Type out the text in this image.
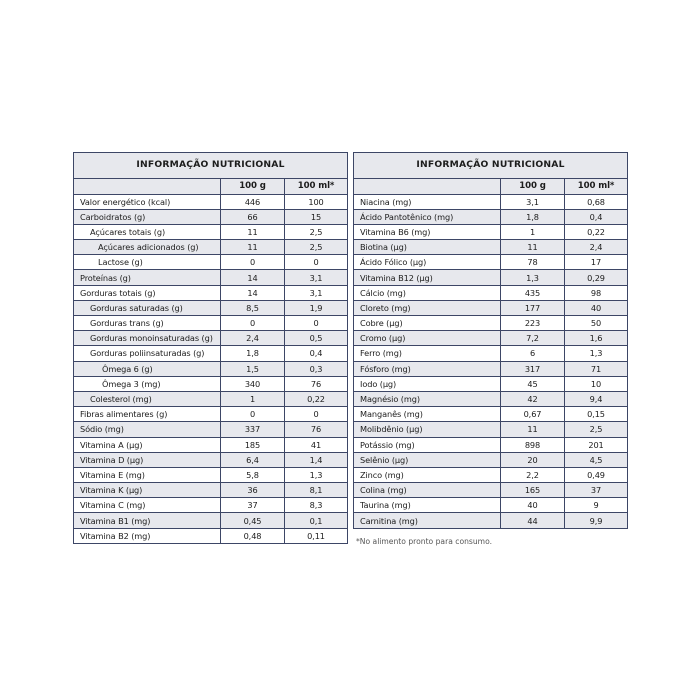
INFORMAÇÃO NUTRICIONAL		
	100 g	100 ml*
Valor energético (kcal)	446	100
Carboidratos (g)	66	15
Açúcares totais (g)	11	2,5
Açúcares adicionados (g)	11	2,5
Lactose (g)	0	0
Proteínas (g)	14	3,1
Gorduras totais (g)	14	3,1
Gorduras saturadas (g)	8,5	1,9
Gorduras trans (g)	0	0
Gorduras monoinsaturadas (g)	2,4	0,5
Gorduras poliinsaturadas (g)	1,8	0,4
Ômega 6 (g)	1,5	0,3
Ômega 3 (mg)	340	76
Colesterol (mg)	1	0,22
Fibras alimentares (g)	0	0
Sódio (mg)	337	76
Vitamina A (µg)	185	41
Vitamina D (µg)	6,4	1,4
Vitamina E (mg)	5,8	1,3
Vitamina K (µg)	36	8,1
Vitamina C (mg)	37	8,3
Vitamina B1 (mg)	0,45	0,1
Vitamina B2 (mg)	0,48	0,11
INFORMAÇÃO NUTRICIONAL		
	100 g	100 ml*
Niacina (mg)	3,1	0,68
Ácido Pantotênico (mg)	1,8	0,4
Vitamina B6 (mg)	1	0,22
Biotina (µg)	11	2,4
Ácido Fólico (µg)	78	17
Vitamina B12 (µg)	1,3	0,29
Cálcio (mg)	435	98
Cloreto (mg)	177	40
Cobre (µg)	223	50
Cromo (µg)	7,2	1,6
Ferro (mg)	6	1,3
Fósforo (mg)	317	71
Iodo (µg)	45	10
Magnésio (mg)	42	9,4
Manganês (mg)	0,67	0,15
Molibdênio (µg)	11	2,5
Potássio (mg)	898	201
Selênio (µg)	20	4,5
Zinco (mg)	2,2	0,49
Colina (mg)	165	37
Taurina (mg)	40	9
Carnitina (mg)	44	9,9
*No alimento pronto para consumo.
